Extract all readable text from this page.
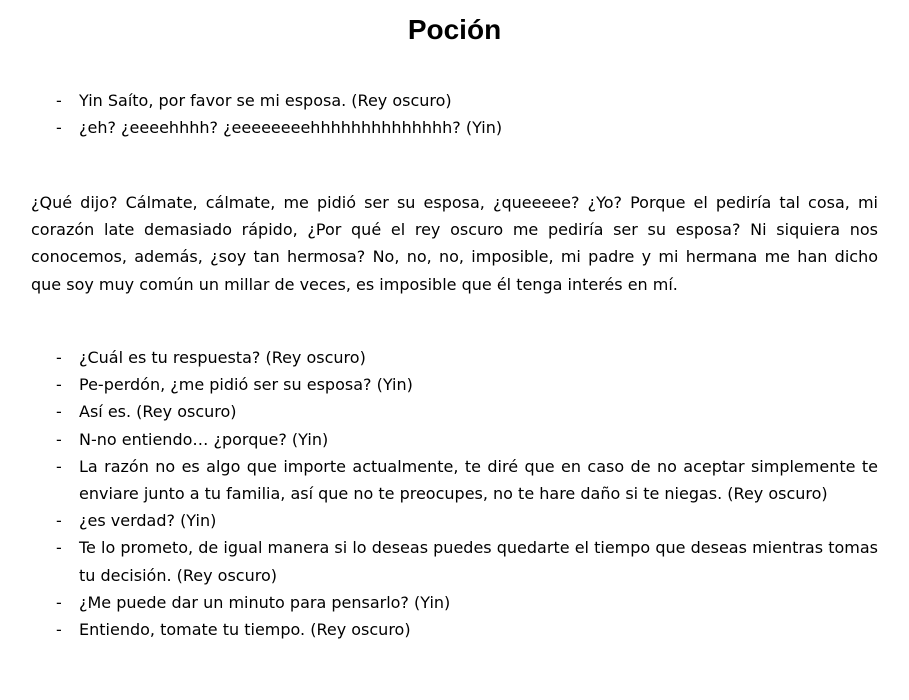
Poción
- Yin Saíto, por favor se mi esposa. (Rey oscuro)
- ¿eh? ¿eeeehhhh? ¿eeeeeeeehhhhhhhhhhhhhh? (Yin)

¿Qué dijo? Cálmate, cálmate, me pidió ser su esposa, ¿queeeee? ¿Yo? Porque el pediría tal cosa, mi corazón late demasiado rápido, ¿Por qué el rey oscuro me pediría ser su esposa? Ni siquiera nos conocemos, además, ¿soy tan hermosa? No, no, no, imposible, mi padre y mi hermana me han dicho que soy muy común un millar de veces, es imposible que él tenga interés en mí.

- ¿Cuál es tu respuesta? (Rey oscuro)
- Pe-perdón, ¿me pidió ser su esposa? (Yin)
- Así es. (Rey oscuro)
- N-no entiendo… ¿porque? (Yin)
- La razón no es algo que importe actualmente, te diré que en caso de no aceptar simplemente te enviare junto a tu familia, así que no te preocupes, no te hare daño si te niegas. (Rey oscuro)
- ¿es verdad? (Yin)
- Te lo prometo, de igual manera si lo deseas puedes quedarte el tiempo que deseas mientras tomas tu decisión. (Rey oscuro)
- ¿Me puede dar un minuto para pensarlo? (Yin)
- Entiendo, tomate tu tiempo. (Rey oscuro)
